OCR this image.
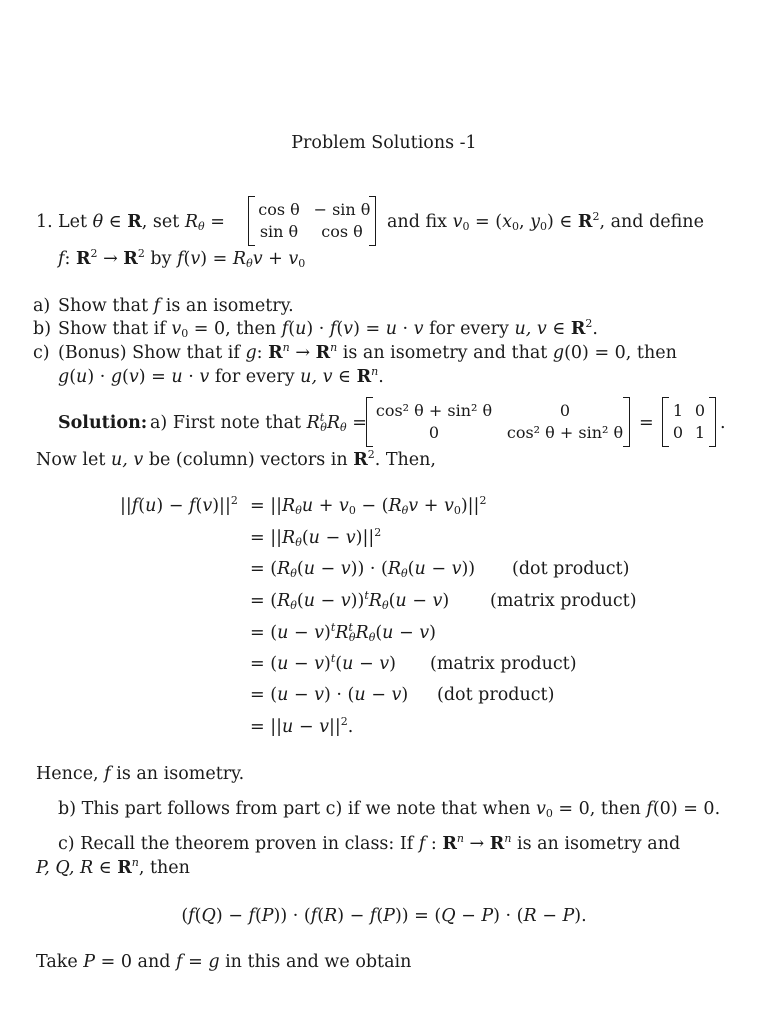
Problem Solutions -1
1. Let θ ∈ R, set $R_\theta$ =
cos θ − sin θ
sin θ	cos θ	and fix $v_0 = (x_0$, $y_0$) ∈ $R^2$, and define
f: $R^2 \to R^2$ by $f(v) = R_\theta v + v_0$
a) Show that f is an isometry.
b) Show that if $v_0 = 0$, then f(u) · f(v) = u · v for every u, v ∈ $R^2$.
c) (Bonus) Show that if g: $R^n \to R^n$ is an isometry and that g(0) = 0, then
g(u) · g(v) = u · v for every u, v ∈ $R^n$.
Solution: a) First note that $R^t_\theta R_\theta$ =
cos² θ + sin² θ	0
0	cos² θ + sin² θ =
1 0
0 1 .
Now let u, v be (column) vectors in $R^2$. Then,
$||f(u) - f(v)||^2 = ||R_\theta u + v_0 - (R_\theta v + v_0)||^2$
= $||R_\theta(u - v)||^2$
= $(R_\theta(u - v)) \cdot (R_\theta(u - v))$ (dot product)
= $(R_\theta(u - v))^tR_\theta(u - v)$ (matrix product)
= $(u - v)^tR^t_\theta R_\theta(u - v)$
= $(u - v)^t(u - v)$ (matrix product)
= (u − v) · (u − v) (dot product)
= $||u - v||^2$.
Hence, f is an isometry.
b) This part follows from part c) if we note that when $v_0 = 0$, then f(0) = 0.
c) Recall the theorem proven in class: If f : $R^n \to R^n$ is an isometry and
P, Q, R ∈ $R^n$, then
(f(Q) − f(P)) · (f(R) − f(P)) = (Q − P) · (R − P).
Take P = 0 and f = g in this and we obtain
